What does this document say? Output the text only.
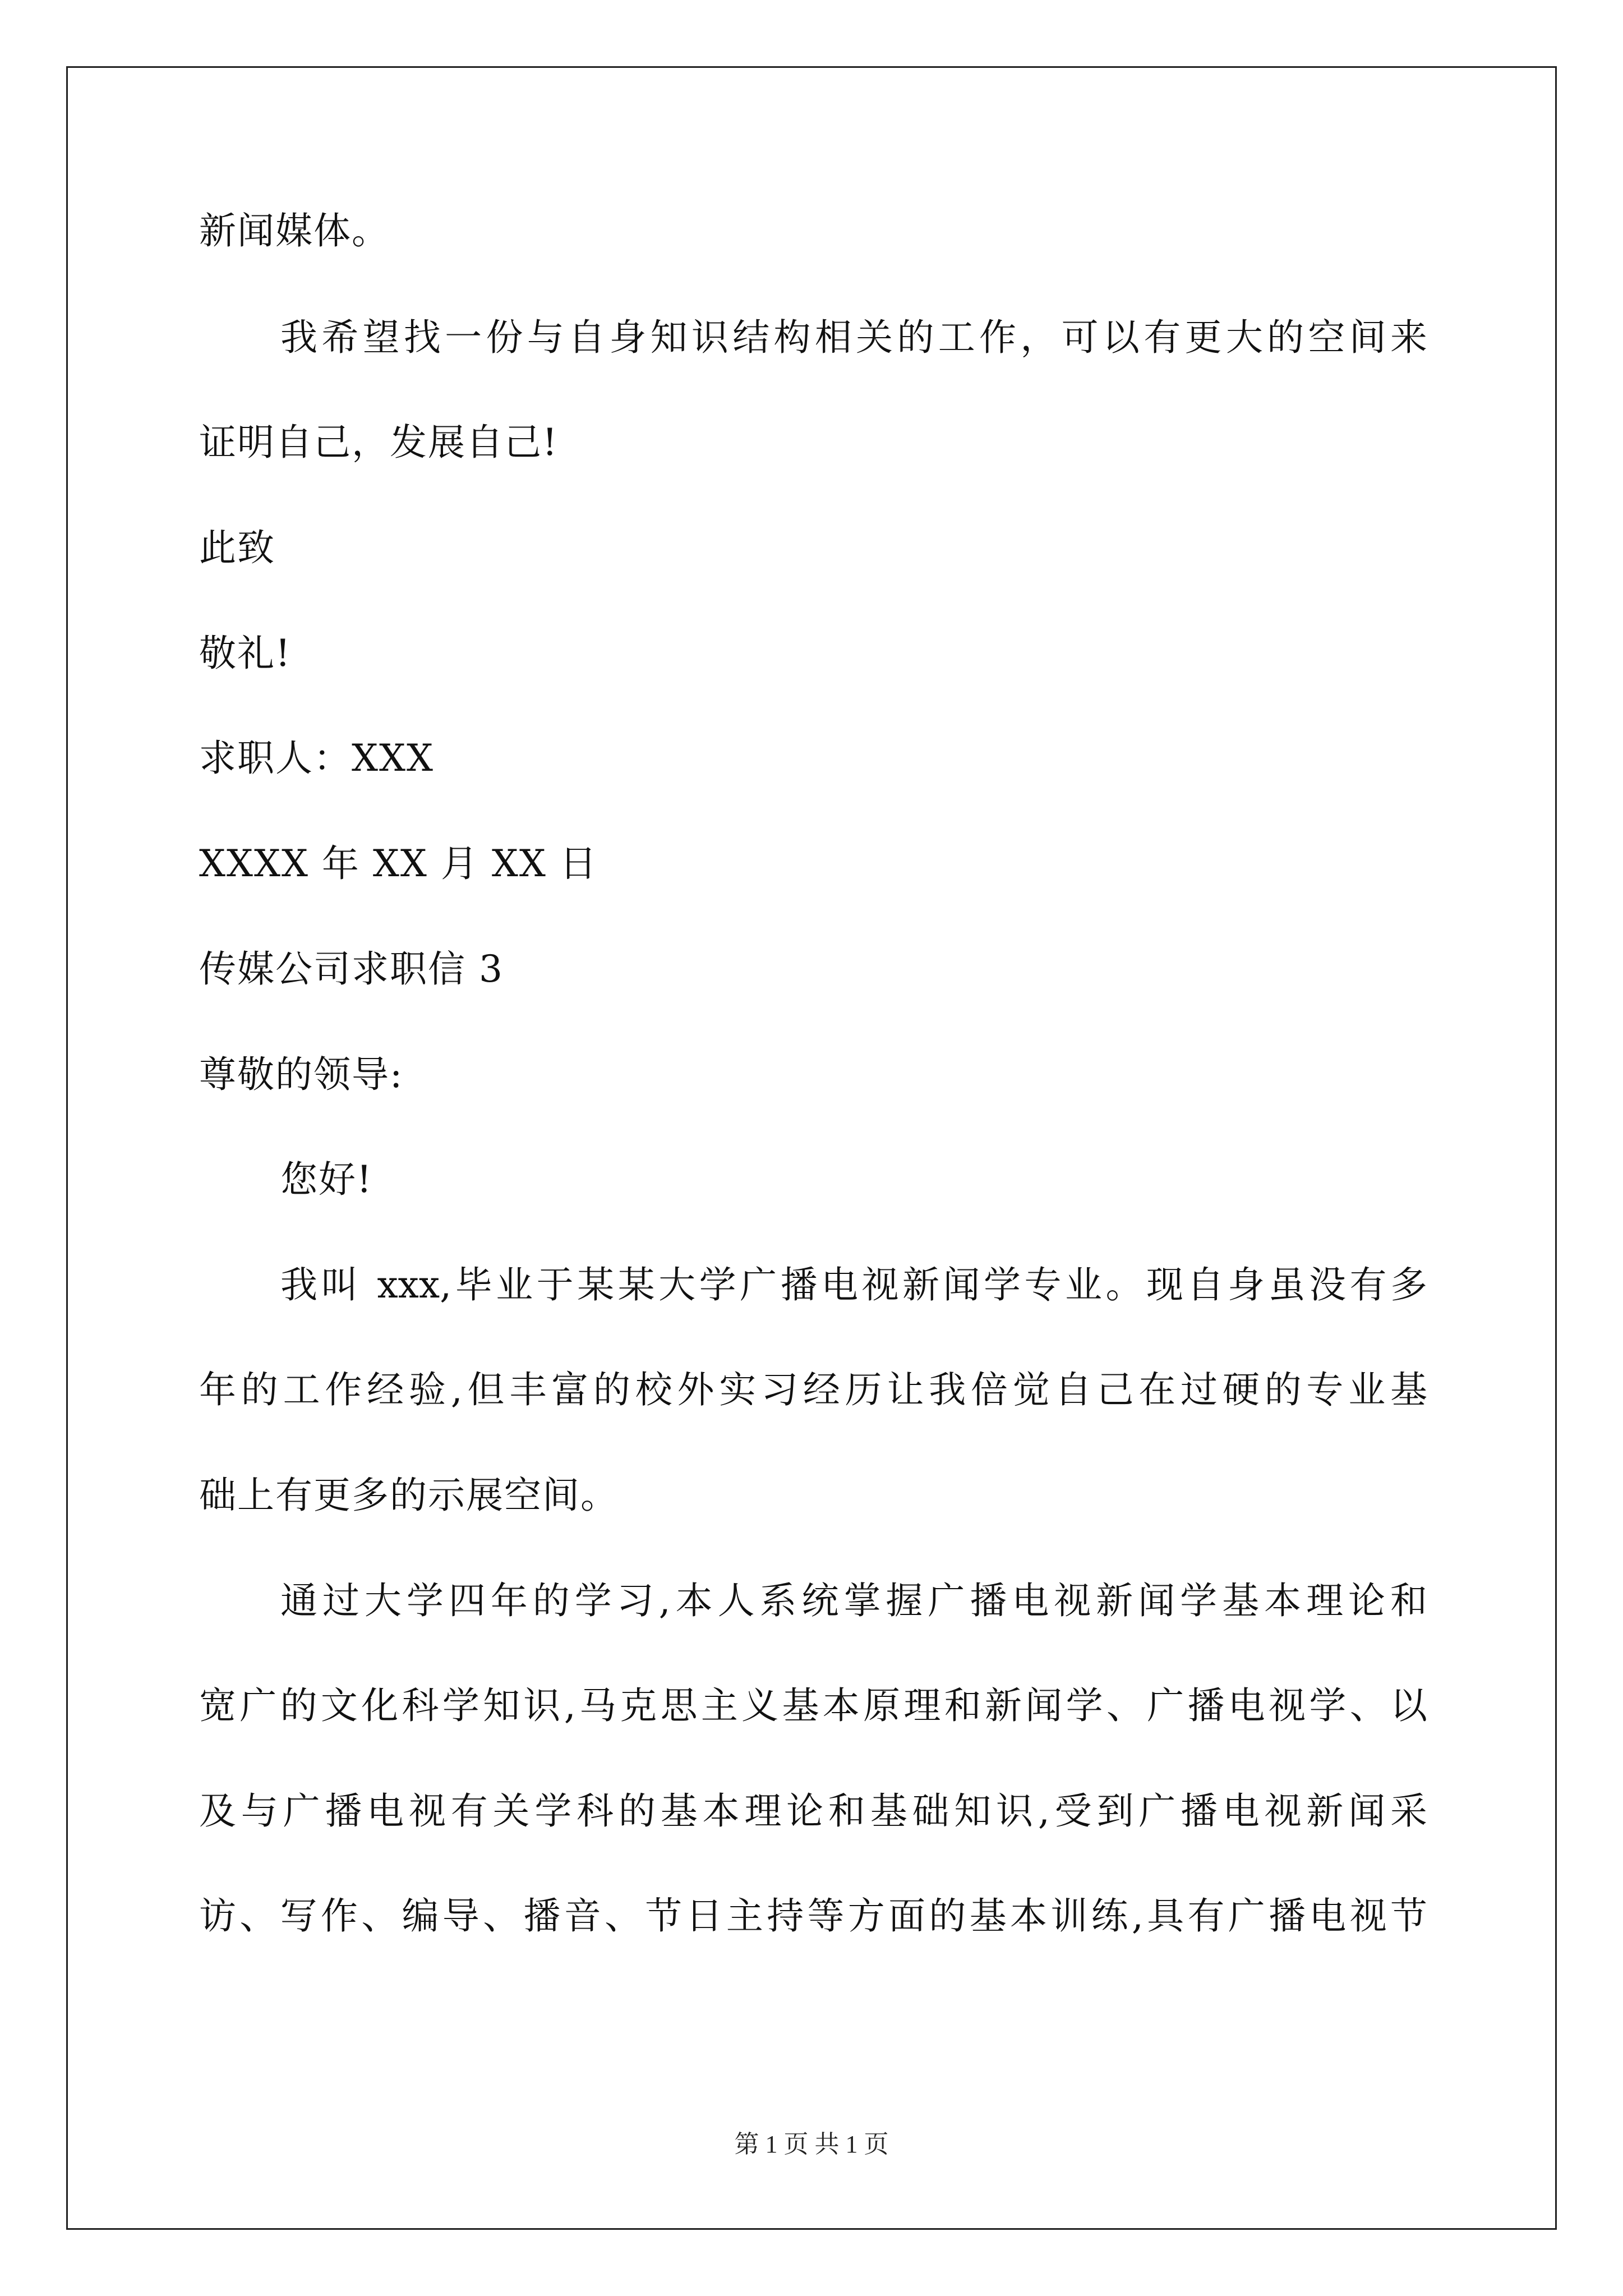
新闻媒体。
我希望找一份与自身知识结构相关的工作，可以有更大的空间来
证明自己，发展自己!
此致
敬礼!
求职人：XXX
XXXX 年 XX 月 XX 日
传媒公司求职信 3
尊敬的领导:
您好!
我叫 xxx,毕业于某某大学广播电视新闻学专业。现自身虽没有多
年的工作经验,但丰富的校外实习经历让我倍觉自己在过硬的专业基
础上有更多的示展空间。
通过大学四年的学习,本人系统掌握广播电视新闻学基本理论和
宽广的文化科学知识,马克思主义基本原理和新闻学、广播电视学、以
及与广播电视有关学科的基本理论和基础知识,受到广播电视新闻采
访、写作、编导、播音、节日主持等方面的基本训练,具有广播电视节
第 1 页 共 1 页
